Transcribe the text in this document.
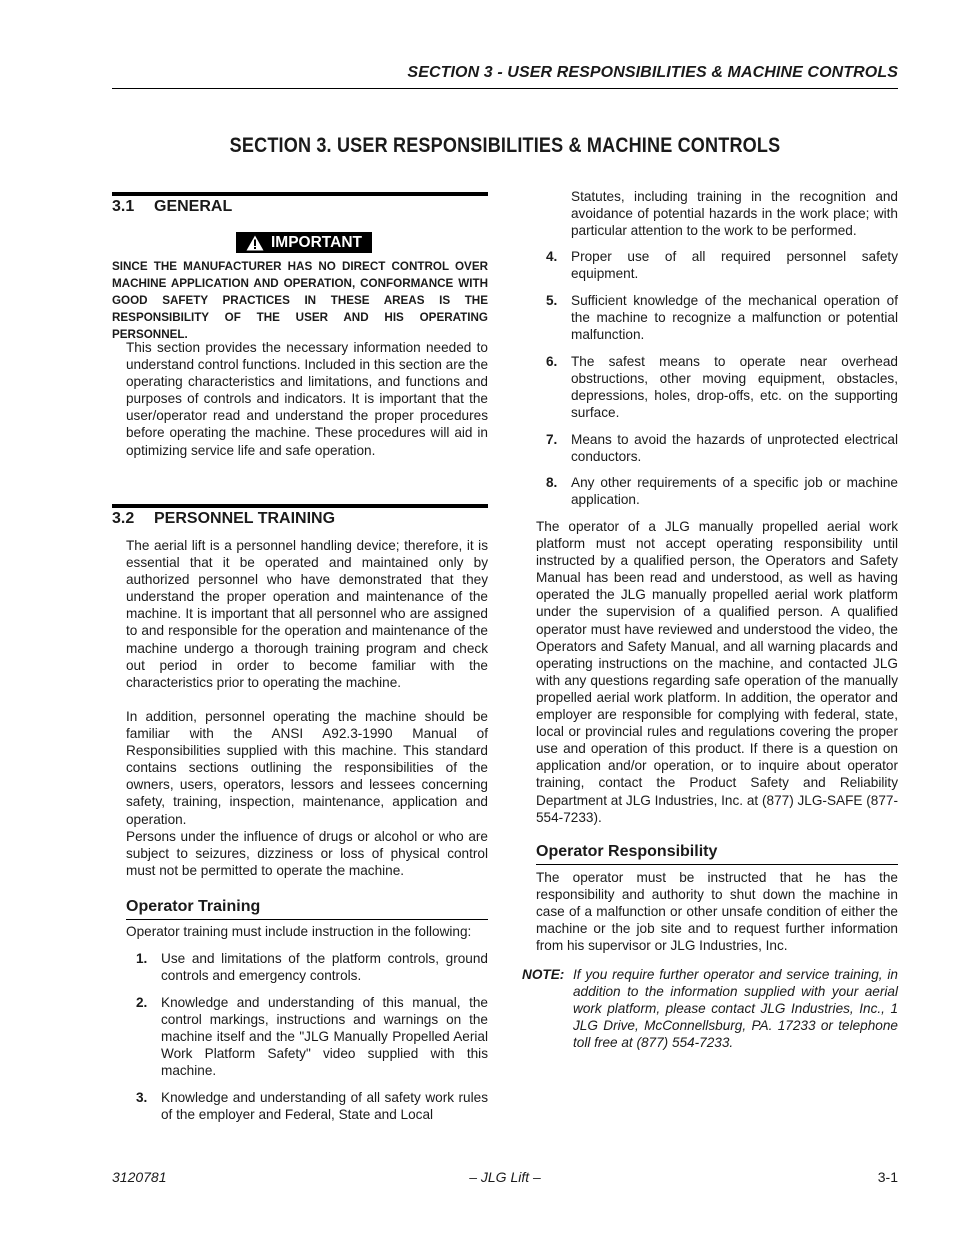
SECTION 3 - USER RESPONSIBILITIES & MACHINE CONTROLS
SECTION 3. USER RESPONSIBILITIES & MACHINE CONTROLS
3.1 GENERAL
IMPORTANT
SINCE THE MANUFACTURER HAS NO DIRECT CONTROL OVER MACHINE APPLICATION AND OPERATION, CONFORMANCE WITH GOOD SAFETY PRACTICES IN THESE AREAS IS THE RESPONSIBILITY OF THE USER AND HIS OPERATING PERSONNEL.
This section provides the necessary information needed to understand control functions. Included in this section are the operating characteristics and limitations, and functions and purposes of controls and indicators. It is important that the user/operator read and understand the proper procedures before operating the machine. These procedures will aid in optimizing service life and safe operation.
3.2 PERSONNEL TRAINING
The aerial lift is a personnel handling device; therefore, it is essential that it be operated and maintained only by authorized personnel who have demonstrated that they understand the proper operation and maintenance of the machine. It is important that all personnel who are assigned to and responsible for the operation and maintenance of the machine undergo a thorough training program and check out period in order to become familiar with the characteristics prior to operating the machine.
In addition, personnel operating the machine should be familiar with the ANSI A92.3-1990 Manual of Responsibilities supplied with this machine. This standard contains sections outlining the responsibilities of the owners, users, operators, lessors and lessees concerning safety, training, inspection, maintenance, application and operation.
Persons under the influence of drugs or alcohol or who are subject to seizures, dizziness or loss of physical control must not be permitted to operate the machine.
Operator Training
Operator training must include instruction in the following:
1.	Use and limitations of the platform controls, ground controls and emergency controls.
2.	Knowledge and understanding of this manual, the control markings, instructions and warnings on the machine itself and the "JLG Manually Propelled Aerial Work Platform Safety" video supplied with this machine.
3.	Knowledge and understanding of all safety work rules of the employer and Federal, State and Local
Statutes, including training in the recognition and avoidance of potential hazards in the work place; with particular attention to the work to be performed.
4.	Proper use of all required personnel safety equipment.
5.	Sufficient knowledge of the mechanical operation of the machine to recognize a malfunction or potential malfunction.
6.	The safest means to operate near overhead obstructions, other moving equipment, obstacles, depressions, holes, drop-offs, etc. on the supporting surface.
7.	Means to avoid the hazards of unprotected electrical conductors.
8.	Any other requirements of a specific job or machine application.
The operator of a JLG manually propelled aerial work platform must not accept operating responsibility until instructed by a qualified person, the Operators and Safety Manual has been read and understood, as well as having operated the JLG manually propelled aerial work platform under the supervision of a qualified person. A qualified operator must have reviewed and understood the video, the Operators and Safety Manual, and all warning placards and operating instructions on the machine, and contacted JLG with any questions regarding safe operation of the manually propelled aerial work platform. In addition, the operator and employer are responsible for complying with federal, state, local or provincial rules and regulations covering the proper use and operation of this product. If there is a question on application and/or operation, or to inquire about operator training, contact the Product Safety and Reliability Department at JLG Industries, Inc. at (877) JLG-SAFE (877-554-7233).
Operator Responsibility
The operator must be instructed that he has the responsibility and authority to shut down the machine in case of a malfunction or other unsafe condition of either the machine or the job site and to request further information from his supervisor or JLG Industries, Inc.
NOTE: If you require further operator and service training, in addition to the information supplied with your aerial work platform, please contact JLG Industries, Inc., 1 JLG Drive, McConnellsburg, PA. 17233 or telephone toll free at (877) 554-7233.
3120781	– JLG Lift –	3-1
